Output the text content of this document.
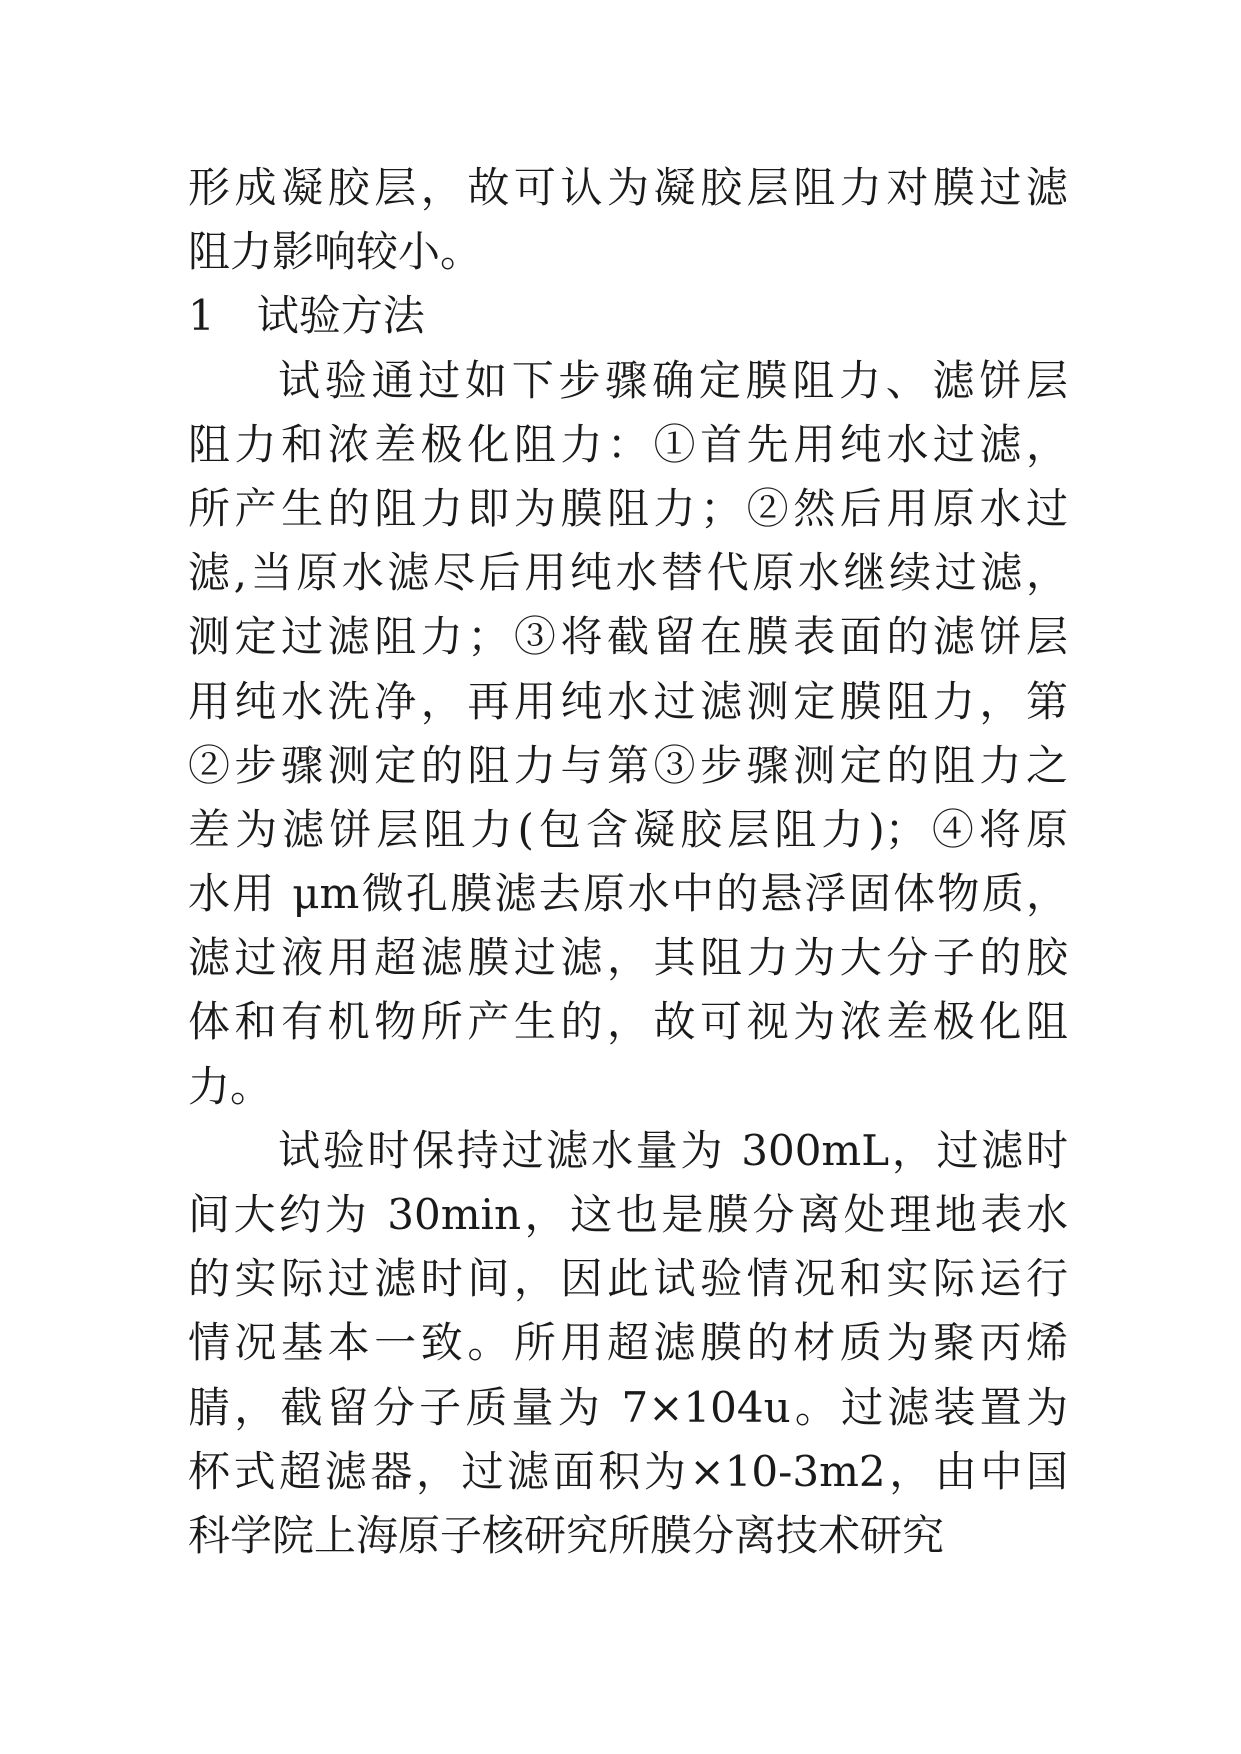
形成凝胶层，故可认为凝胶层阻力对膜过滤
阻力影响较小。
1　试验方法
试验通过如下步骤确定膜阻力、滤饼层
阻力和浓差极化阻力：①首先用纯水过滤，
所产生的阻力即为膜阻力；②然后用原水过
滤,当原水滤尽后用纯水替代原水继续过滤，
测定过滤阻力；③将截留在膜表面的滤饼层
用纯水洗净，再用纯水过滤测定膜阻力，第
②步骤测定的阻力与第③步骤测定的阻力之
差为滤饼层阻力(包含凝胶层阻力)；④将原
水用 μm微孔膜滤去原水中的悬浮固体物质，
滤过液用超滤膜过滤，其阻力为大分子的胶
体和有机物所产生的，故可视为浓差极化阻
力。
试验时保持过滤水量为 300mL，过滤时
间大约为 30min，这也是膜分离处理地表水
的实际过滤时间，因此试验情况和实际运行
情况基本一致。所用超滤膜的材质为聚丙烯
腈，截留分子质量为 7×104u。过滤装置为
杯式超滤器，过滤面积为×10-3m2，由中国
科学院上海原子核研究所膜分离技术研究
